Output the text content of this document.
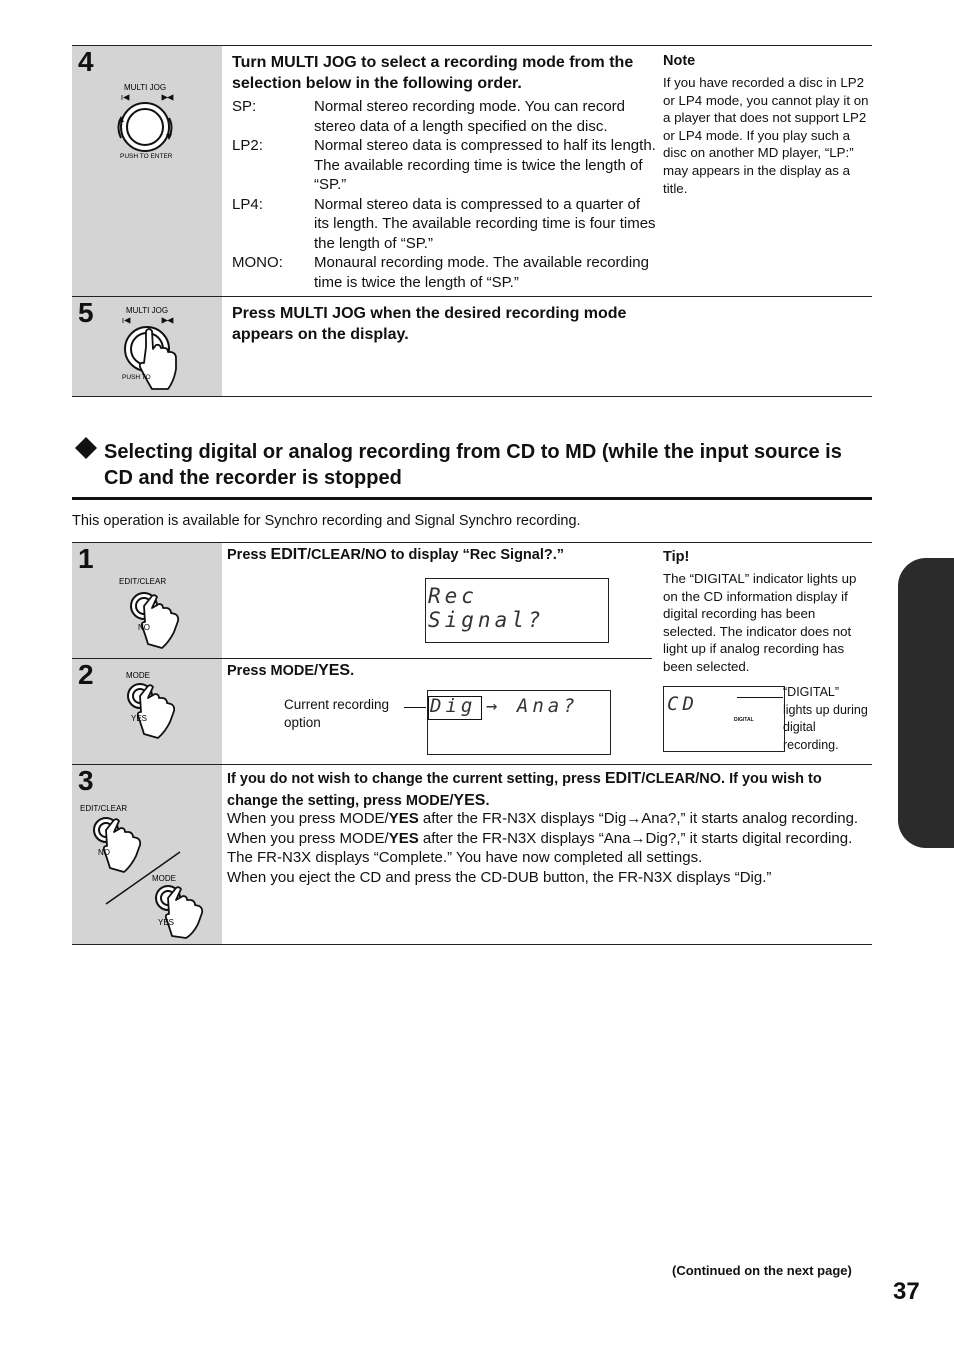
4
MULTI JOG
PUSH TO ENTER
Turn MULTI JOG to select a recording mode from the selection below in the following order.
SP:	Normal stereo recording mode. You can record stereo data of a length specified on the disc.
LP2:	Normal stereo data is compressed to half its length. The available recording time is twice the length of “SP.”
LP4:	Normal stereo data is compressed to a quarter of its length. The available recording time is four times the length of “SP.”
MONO:	Monaural recording mode. The available recording time is twice the length of “SP.”
Note
If you have recorded a disc in LP2 or LP4 mode, you cannot play it on a player that does not support LP2 or LP4 mode. If you play such a disc on another MD player, “LP:” may appears in the display as a title.
5	MULTI JOG
PUSH TO
Press MULTI JOG when the desired recording mode appears on the display.
Selecting digital or analog recording from CD to MD (while the input source is CD and the recorder is stopped
This operation is available for Synchro recording and Signal Synchro recording.
1
EDIT/CLEAR
NO
Press EDIT/CLEAR/NO to display “Rec Signal?.”
Rec Signal?
Tip!
The “DIGITAL” indicator lights up on the CD information display if digital recording has been selected. The indicator does not light up if analog recording has been selected.
CD
DIGITAL
“DIGITAL” lights up during digital recording.
2	MODE
YES
Press MODE/YES.
Current recording option
Dig → Ana?
3
EDIT/CLEAR
NO
MODE
YES
If you do not wish to change the current setting, press EDIT/CLEAR/NO. If you wish to change the setting, press MODE/YES.
When you press MODE/YES after the FR-N3X displays “Dig→Ana?,” it starts analog recording.
When you press MODE/YES after the FR-N3X displays “Ana→Dig?,” it starts digital recording.
The FR-N3X displays “Complete.” You have now completed all settings.
When you eject the CD and press the CD-DUB button, the FR-N3X displays “Dig.”
(Continued on the next page)
37
